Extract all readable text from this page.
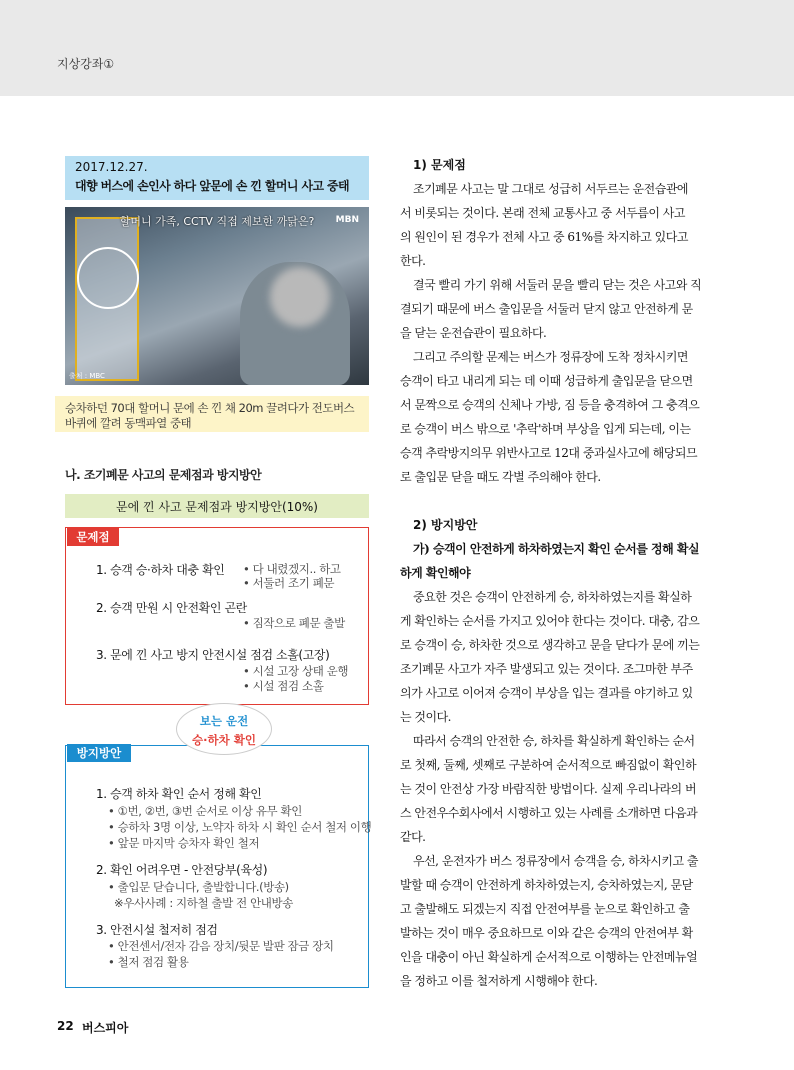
지상강좌①
2017.12.27.
대향 버스에 손인사 하다 앞문에 손 낀 할머니 사고 중태
할머니 가족, CCTV 직접 제보한 까닭은?	MBN
출처 : MBC
승차하던 70대 할머니 문에 손 낀 채 20m 끌려다가 전도버스
바퀴에 깔려 동맥파열 중태
나. 조기폐문 사고의 문제점과 방지방안
문에 낀 사고 문제점과 방지방안(10%)
문제점
1. 승객 승·하차 대충 확인 • 다 내렸겠지.. 하고
• 서둘러 조기 폐문
2. 승객 만원 시 안전확인 곤란
• 짐작으로 폐문 출발
3. 문에 낀 사고 방지 안전시설 점검 소홀(고장)
• 시설 고장 상태 운행
• 시설 점검 소홀
방지방안
보는 운전
승·하차 확인
1. 승객 하차 확인 순서 정해 확인
• ①번, ②번, ③번 순서로 이상 유무 확인
• 승하차 3명 이상, 노약자 하차 시 확인 순서 철저 이행
• 앞문 마지막 승차자 확인 철저
2. 확인 어려우면 - 안전당부(육성)
• 출입문 닫습니다, 출발합니다.(방송)
※우사사례 : 지하철 출발 전 안내방송
3. 안전시설 철저히 점검
• 안전센서/전자 감음 장치/뒷문 발판 잠금 장치
• 철저 점검 활용
1) 문제점
조기폐문 사고는 말 그대로 성급히 서두르는 운전습관에
서 비롯되는 것이다. 본래 전체 교통사고 중 서두름이 사고
의 원인이 된 경우가 전체 사고 중 61%를 차지하고 있다고
한다.
결국 빨리 가기 위해 서둘러 문을 빨리 닫는 것은 사고와 직
결되기 때문에 버스 출입문을 서둘러 닫지 않고 안전하게 문
을 닫는 운전습관이 필요하다.
그리고 주의할 문제는 버스가 정류장에 도착 정차시키면
승객이 타고 내리게 되는 데 이때 성급하게 출입문을 닫으면
서 문짝으로 승객의 신체나 가방, 짐 등을 충격하여 그 충격으
로 승객이 버스 밖으로 '추락'하며 부상을 입게 되는데, 이는
승객 추락방지의무 위반사고로 12대 중과실사고에 해당되므
로 출입문 닫을 때도 각별 주의해야 한다.
2) 방지방안
가) 승객이 안전하게 하차하였는지 확인 순서를 정해 확실
하게 확인해야
중요한 것은 승객이 안전하게 승, 하차하였는지를 확실하
게 확인하는 순서를 가지고 있어야 한다는 것이다. 대충, 감으
로 승객이 승, 하차한 것으로 생각하고 문을 닫다가 문에 끼는
조기폐문 사고가 자주 발생되고 있는 것이다. 조그마한 부주
의가 사고로 이어져 승객이 부상을 입는 결과를 야기하고 있
는 것이다.
따라서 승객의 안전한 승, 하차를 확실하게 확인하는 순서
로 첫째, 둘째, 셋째로 구분하여 순서적으로 빠짐없이 확인하
는 것이 안전상 가장 바람직한 방법이다. 실제 우리나라의 버
스 안전우수회사에서 시행하고 있는 사례를 소개하면 다음과
같다.
우선, 운전자가 버스 정류장에서 승객을 승, 하차시키고 출
발할 때 승객이 안전하게 하차하였는지, 승차하였는지, 문닫
고 출발해도 되겠는지 직접 안전여부를 눈으로 확인하고 출
발하는 것이 매우 중요하므로 이와 같은 승객의 안전여부 확
인을 대충이 아닌 확실하게 순서적으로 이행하는 안전메뉴얼
을 정하고 이를 철저하게 시행해야 한다.
22 버스피아
